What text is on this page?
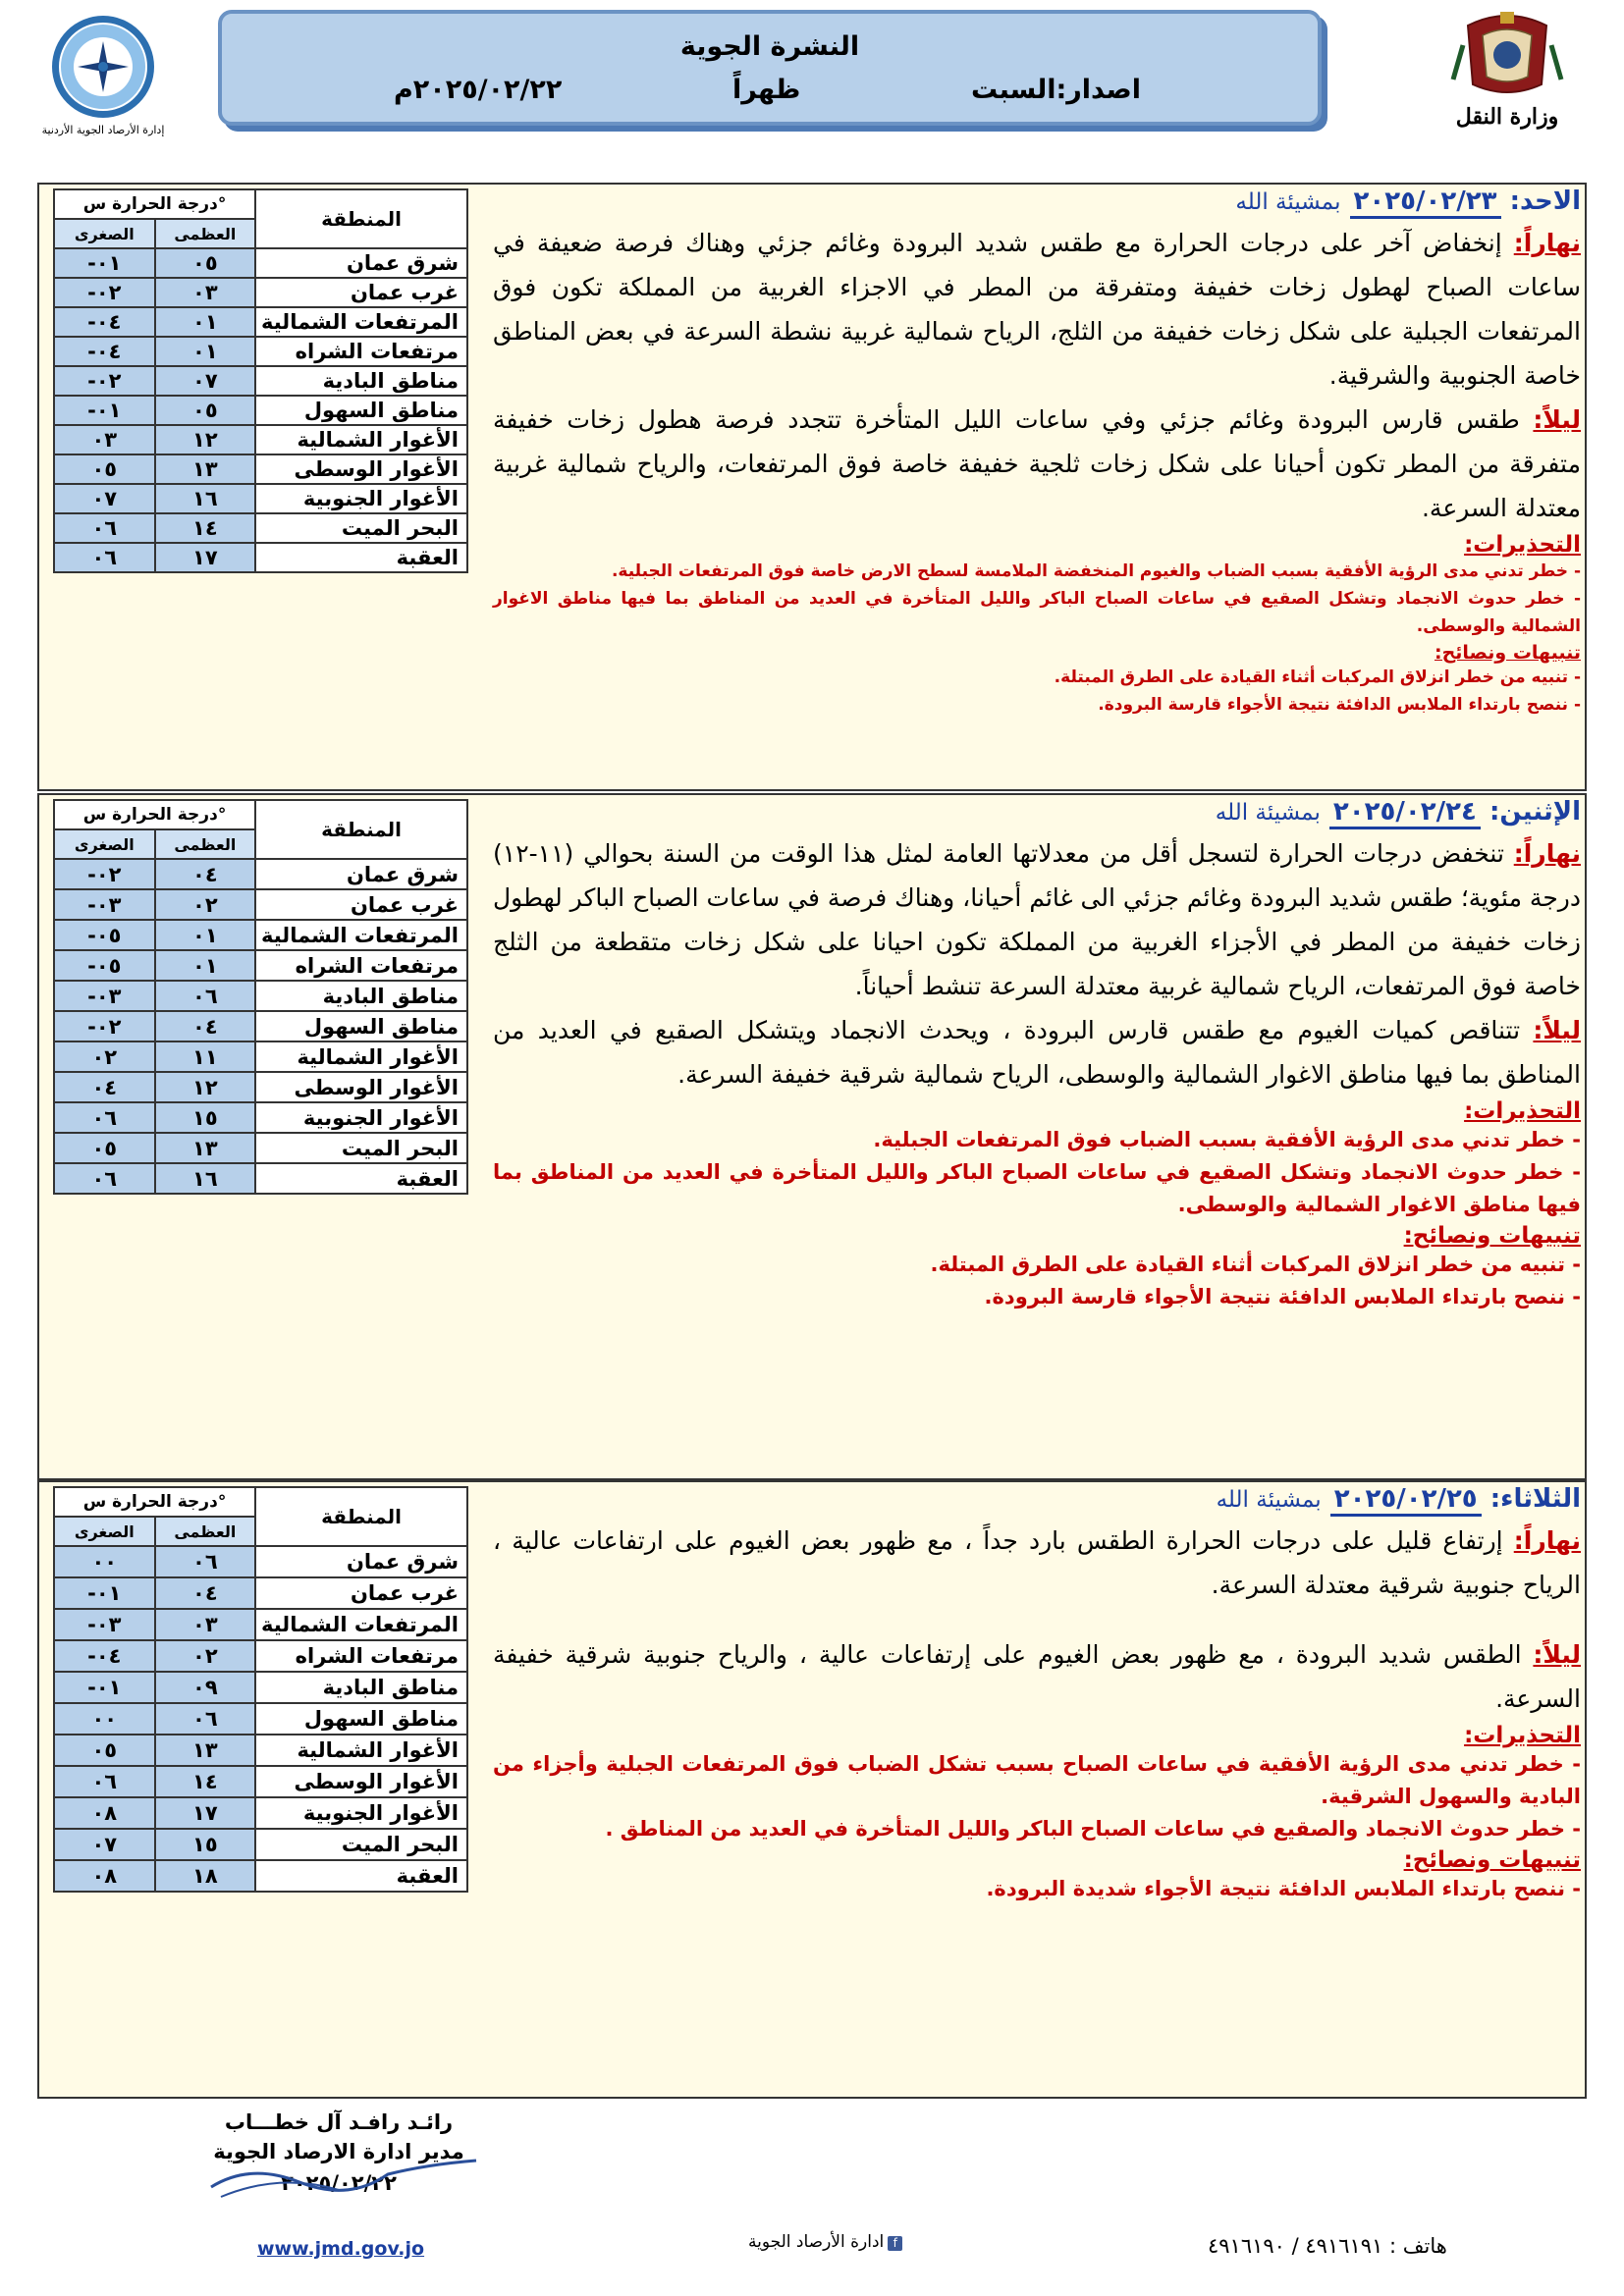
إدارة الأرصاد الجوية الأردنية
النشرة الجوية
اصدار:السبت
ظهراً
٢٠٢٥/٠٢/٢٢م
وزارة النقل
درجة الحرارة س°		المنطقة
الصغرى	العظمى	
-٠١	٠٥	شرق عمان
-٠٢	٠٣	غرب عمان
-٠٤	٠١	المرتفعات الشمالية
-٠٤	٠١	مرتفعات الشراه
-٠٢	٠٧	مناطق البادية
-٠١	٠٥	مناطق السهول
٠٣	١٢	الأغوار الشمالية
٠٥	١٣	الأغوار الوسطى
٠٧	١٦	الأغوار الجنوبية
٠٦	١٤	البحر الميت
٠٦	١٧	العقبة
الاحد: ٢٠٢٥/٠٢/٢٣ بمشيئة الله
نهاراً: إنخفاض آخر على درجات الحرارة مع طقس شديد البرودة وغائم جزئي وهناك فرصة ضعيفة في ساعات الصباح لهطول زخات خفيفة ومتفرقة من المطر في الاجزاء الغربية من المملكة تكون فوق المرتفعات الجبلية على شكل زخات خفيفة من الثلج، الرياح شمالية غربية نشطة السرعة في بعض المناطق خاصة الجنوبية والشرقية.
ليلاً: طقس قارس البرودة وغائم جزئي وفي ساعات الليل المتأخرة تتجدد فرصة هطول زخات خفيفة متفرقة من المطر تكون أحيانا على شكل زخات ثلجية خفيفة خاصة فوق المرتفعات، والرياح شمالية غربية معتدلة السرعة.
التحذيرات:
- خطر تدني مدى الرؤية الأفقية بسبب الضباب والغيوم المنخفضة الملامسة لسطح الارض خاصة فوق المرتفعات الجبلية.
- خطر حدوث الانجماد وتشكل الصقيع في ساعات الصباح الباكر والليل المتأخرة في العديد من المناطق بما فيها مناطق الاغوار الشمالية والوسطى.
تنبيهات ونصائح:
- تنبيه من خطر انزلاق المركبات أثناء القيادة على الطرق المبتلة.
- ننصح بارتداء الملابس الدافئة نتيجة الأجواء قارسة البرودة.
درجة الحرارة س°		المنطقة
الصغرى	العظمى	
-٠٢	٠٤	شرق عمان
-٠٣	٠٢	غرب عمان
-٠٥	٠١	المرتفعات الشمالية
-٠٥	٠١	مرتفعات الشراه
-٠٣	٠٦	مناطق البادية
-٠٢	٠٤	مناطق السهول
٠٢	١١	الأغوار الشمالية
٠٤	١٢	الأغوار الوسطى
٠٦	١٥	الأغوار الجنوبية
٠٥	١٣	البحر الميت
٠٦	١٦	العقبة
الإثنين: ٢٠٢٥/٠٢/٢٤ بمشيئة الله
نهاراً: تنخفض درجات الحرارة لتسجل أقل من معدلاتها العامة لمثل هذا الوقت من السنة بحوالي (١١-١٢) درجة مئوية؛ طقس شديد البرودة وغائم جزئي الى غائم أحيانا، وهناك فرصة في ساعات الصباح الباكر لهطول زخات خفيفة من المطر في الأجزاء الغربية من المملكة تكون احيانا على شكل زخات متقطعة من الثلج خاصة فوق المرتفعات، الرياح شمالية غربية معتدلة السرعة تنشط أحياناً.
ليلاً: تتناقص كميات الغيوم مع طقس قارس البرودة ، ويحدث الانجماد ويتشكل الصقيع في العديد من المناطق بما فيها مناطق الاغوار الشمالية والوسطى، الرياح شمالية شرقية خفيفة السرعة.
التحذيرات:
- خطر تدني مدى الرؤية الأفقية بسبب الضباب فوق المرتفعات الجبلية.
- خطر حدوث الانجماد وتشكل الصقيع في ساعات الصباح الباكر والليل المتأخرة في العديد من المناطق بما فيها مناطق الاغوار الشمالية والوسطى.
تنبيهات ونصائح:
- تنبيه من خطر انزلاق المركبات أثناء القيادة على الطرق المبتلة.
- ننصح بارتداء الملابس الدافئة نتيجة الأجواء قارسة البرودة.
درجة الحرارة س°		المنطقة
الصغرى	العظمى	
٠٠	٠٦	شرق عمان
-٠١	٠٤	غرب عمان
-٠٣	٠٣	المرتفعات الشمالية
-٠٤	٠٢	مرتفعات الشراه
-٠١	٠٩	مناطق البادية
٠٠	٠٦	مناطق السهول
٠٥	١٣	الأغوار الشمالية
٠٦	١٤	الأغوار الوسطى
٠٨	١٧	الأغوار الجنوبية
٠٧	١٥	البحر الميت
٠٨	١٨	العقبة
الثلاثاء: ٢٠٢٥/٠٢/٢٥ بمشيئة الله
نهاراً: إرتفاع قليل على درجات الحرارة الطقس بارد جداً ، مع ظهور بعض الغيوم على ارتفاعات عالية ، الرياح جنوبية شرقية معتدلة السرعة.
ليلاً: الطقس شديد البرودة ، مع ظهور بعض الغيوم على إرتفاعات عالية ، والرياح جنوبية شرقية خفيفة السرعة.
التحذيرات:
- خطر تدني مدى الرؤية الأفقية في ساعات الصباح بسبب تشكل الضباب فوق المرتفعات الجبلية وأجزاء من البادية والسهول الشرقية.
- خطر حدوث الانجماد والصقيع في ساعات الصباح الباكر والليل المتأخرة في العديد من المناطق .
تنبيهات ونصائح:
- ننصح بارتداء الملابس الدافئة نتيجة الأجواء شديدة البرودة.
رائـد رافـد آل خطـــاب
مدير ادارة الارصاد الجوية
٢٠٢٥/٠٢/٢٢
www.jmd.gov.jo	fادارة الأرصاد الجوية	هاتف : ٤٩١٦١٩١ / ٤٩١٦١٩٠
